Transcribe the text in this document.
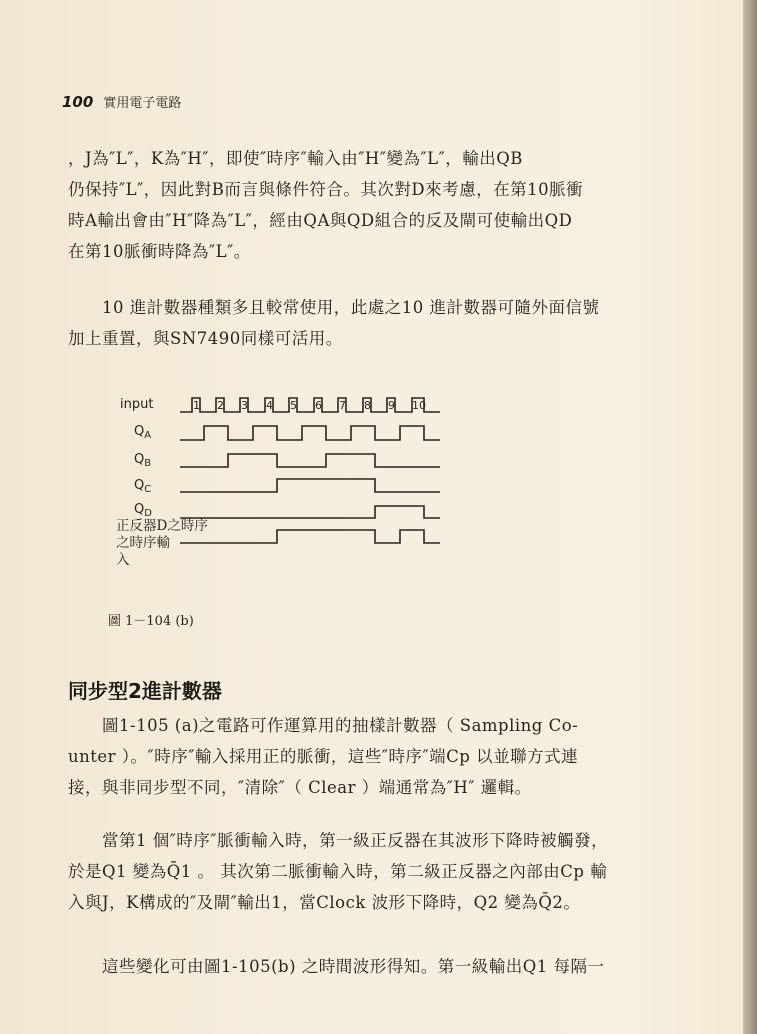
100 實用電子電路
，J為″L″，K為″H″，即使″時序″輸入由″H″變為″L″，輸出QB
仍保持″L″，因此對B而言與條件符合。其次對D來考慮，在第10脈衝
時A輸出會由″H″降為″L″，經由QA與QD組合的反及閘可使輸出QD
在第10脈衝時降為″L″。
10 進計數器種類多且較常使用，此處之10 進計數器可隨外面信號
加上重置，與SN7490同樣可活用。
input
$Q_A$
$Q_B$
$Q_C$
$Q_D$
正反器D之時序
之時序輸
入
1 2 3 4 5 6 7 8 9 10
圖 1－104 (b)
同步型2進計數器
圖1-105 (a)之電路可作運算用的抽樣計數器（ Sampling Co-
unter ）。″時序″輸入採用正的脈衝，這些″時序″端Cp 以並聯方式連
接，與非同步型不同，″清除″（ Clear ）端通常為″H″ 邏輯。
當第1 個″時序″脈衝輸入時，第一級正反器在其波形下降時被觸發，
於是Q1 變為Q̄1 。 其次第二脈衝輸入時，第二級正反器之內部由Cp 輸
入與J，K構成的″及閘″輸出1，當Clock 波形下降時，Q2 變為Q̄2。
這些變化可由圖1-105(b) 之時間波形得知。第一級輸出Q1 每隔一
